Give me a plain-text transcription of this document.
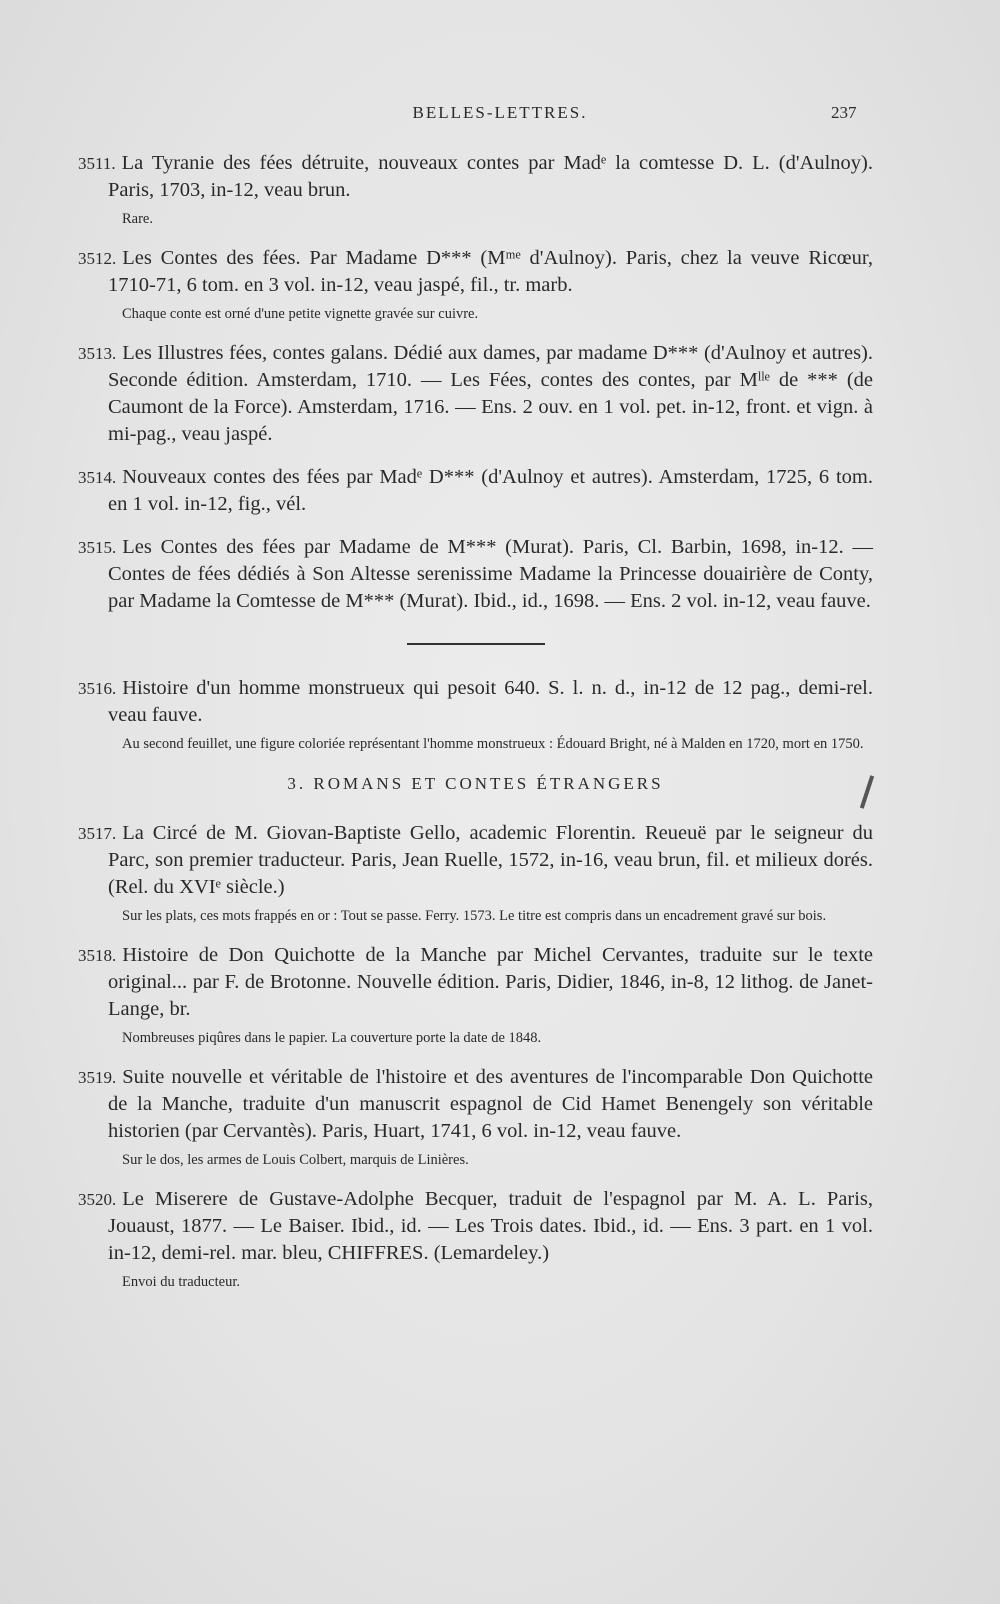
BELLES-LETTRES.	237
3511. La Tyranie des fées détruite, nouveaux contes par Madᵉ la comtesse D. L. (d'Aulnoy). Paris, 1703, in-12, veau brun.
Rare.
3512. Les Contes des fées. Par Madame D*** (Mᵐᵉ d'Aulnoy). Paris, chez la veuve Ricœur, 1710-71, 6 tom. en 3 vol. in-12, veau jaspé, fil., tr. marb.
Chaque conte est orné d'une petite vignette gravée sur cuivre.
3513. Les Illustres fées, contes galans. Dédié aux dames, par madame D*** (d'Aulnoy et autres). Seconde édition. Amsterdam, 1710. — Les Fées, contes des contes, par Mˡˡᵉ de *** (de Caumont de la Force). Amsterdam, 1716. — Ens. 2 ouv. en 1 vol. pet. in-12, front. et vign. à mi-pag., veau jaspé.
3514. Nouveaux contes des fées par Madᵉ D*** (d'Aulnoy et autres). Amsterdam, 1725, 6 tom. en 1 vol. in-12, fig., vél.
3515. Les Contes des fées par Madame de M*** (Murat). Paris, Cl. Barbin, 1698, in-12. — Contes de fées dédiés à Son Altesse serenissime Madame la Princesse douairière de Conty, par Madame la Comtesse de M*** (Murat). Ibid., id., 1698. — Ens. 2 vol. in-12, veau fauve.
3516. Histoire d'un homme monstrueux qui pesoit 640. S. l. n. d., in-12 de 12 pag., demi-rel. veau fauve.
Au second feuillet, une figure coloriée représentant l'homme monstrueux : Édouard Bright, né à Malden en 1720, mort en 1750.
3. ROMANS ET CONTES ÉTRANGERS
3517. La Circé de M. Giovan-Baptiste Gello, academic Florentin. Reueuë par le seigneur du Parc, son premier traducteur. Paris, Jean Ruelle, 1572, in-16, veau brun, fil. et milieux dorés. (Rel. du XVIᵉ siècle.)
Sur les plats, ces mots frappés en or : Tout se passe. Ferry. 1573. Le titre est compris dans un encadrement gravé sur bois.
3518. Histoire de Don Quichotte de la Manche par Michel Cervantes, traduite sur le texte original... par F. de Brotonne. Nouvelle édition. Paris, Didier, 1846, in-8, 12 lithog. de Janet-Lange, br.
Nombreuses piqûres dans le papier. La couverture porte la date de 1848.
3519. Suite nouvelle et véritable de l'histoire et des aventures de l'incomparable Don Quichotte de la Manche, traduite d'un manuscrit espagnol de Cid Hamet Benengely son véritable historien (par Cervantès). Paris, Huart, 1741, 6 vol. in-12, veau fauve.
Sur le dos, les armes de Louis Colbert, marquis de Linières.
3520. Le Miserere de Gustave-Adolphe Becquer, traduit de l'espagnol par M. A. L. Paris, Jouaust, 1877. — Le Baiser. Ibid., id. — Les Trois dates. Ibid., id. — Ens. 3 part. en 1 vol. in-12, demi-rel. mar. bleu, CHIFFRES. (Lemardeley.)
Envoi du traducteur.
